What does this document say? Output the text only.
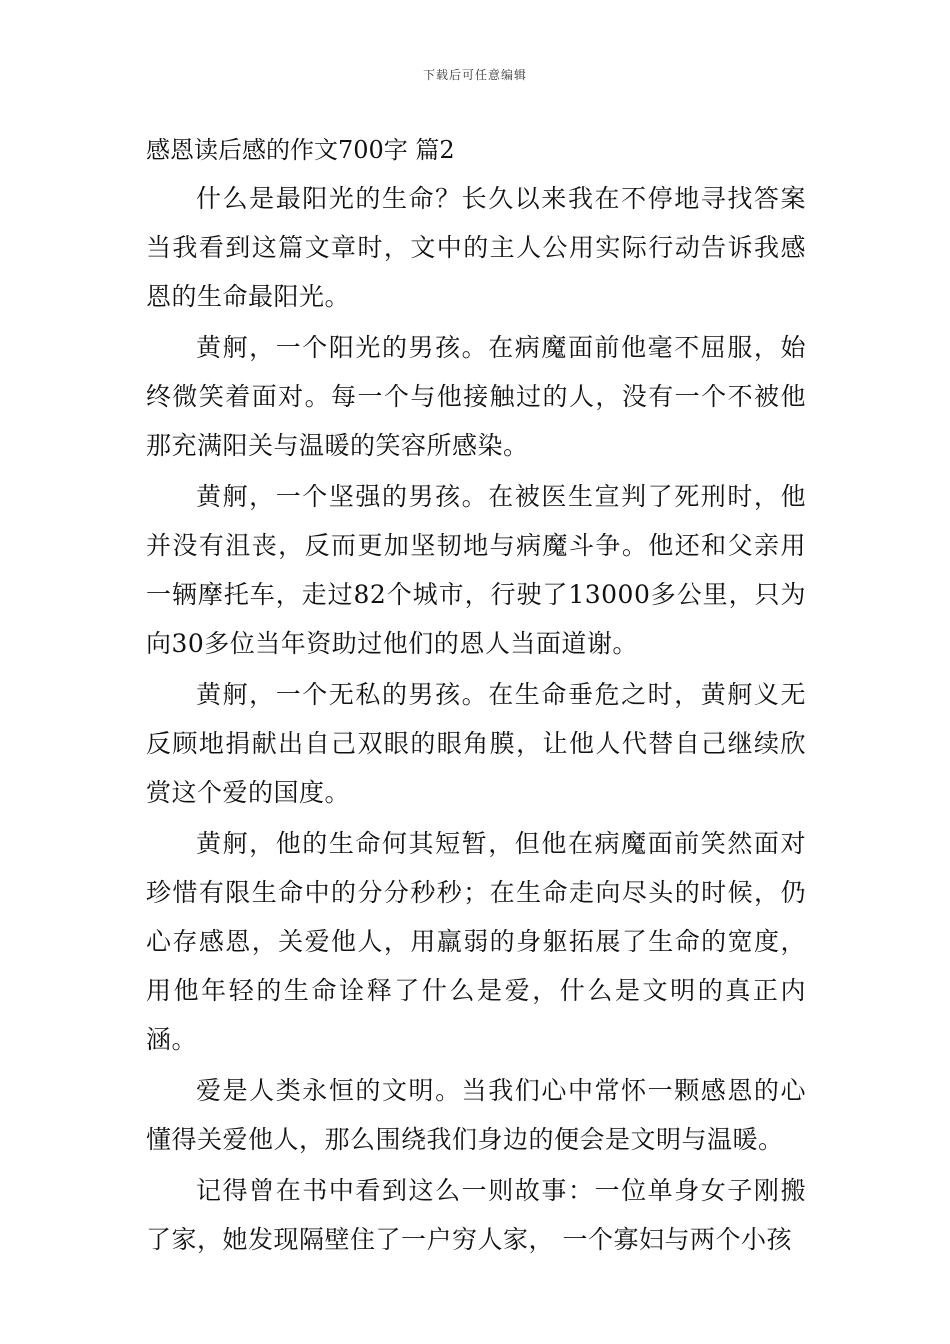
下载后可任意编辑
感恩读后感的作文700字 篇2

什么是最阳光的生命？长久以来我在不停地寻找答案当我看到这篇文章时，文中的主人公用实际行动告诉我感恩的生命最阳光。

黄舸，一个阳光的男孩。在病魔面前他毫不屈服，始终微笑着面对。每一个与他接触过的人，没有一个不被他那充满阳关与温暖的笑容所感染。

黄舸，一个坚强的男孩。在被医生宣判了死刑时，他并没有沮丧，反而更加坚韧地与病魔斗争。他还和父亲用一辆摩托车，走过82个城市，行驶了13000多公里，只为向30多位当年资助过他们的恩人当面道谢。

黄舸，一个无私的男孩。在生命垂危之时，黄舸义无反顾地捐献出自己双眼的眼角膜，让他人代替自己继续欣赏这个爱的国度。

黄舸，他的生命何其短暂，但他在病魔面前笑然面对珍惜有限生命中的分分秒秒；在生命走向尽头的时候，仍心存感恩，关爱他人，用羸弱的身躯拓展了生命的宽度，用他年轻的生命诠释了什么是爱，什么是文明的真正内涵。

爱是人类永恒的文明。当我们心中常怀一颗感恩的心懂得关爱他人，那么围绕我们身边的便会是文明与温暖。

记得曾在书中看到这么一则故事：一位单身女子刚搬了家，她发现隔壁住了一户穷人家， 一个寡妇与两个小孩
